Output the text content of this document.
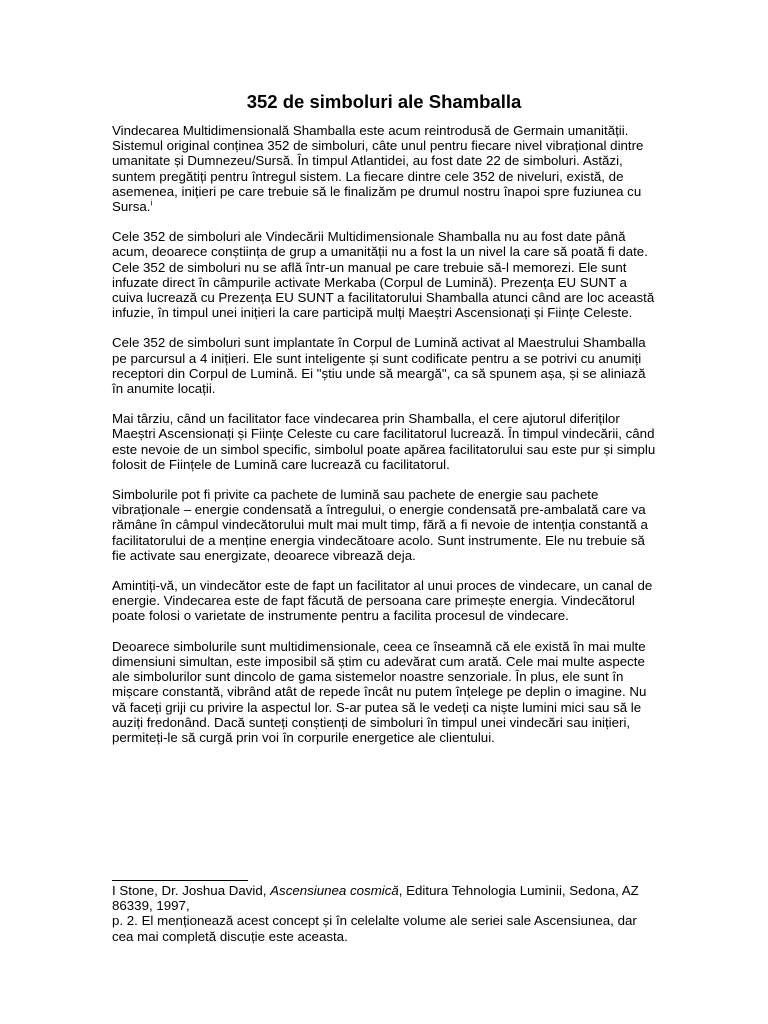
352 de simboluri ale Shamballa

Vindecarea Multidimensională Shamballa este acum reintrodusă de Germain umanității. Sistemul original conținea 352 de simboluri, câte unul pentru fiecare nivel vibrațional dintre umanitate și Dumnezeu/Sursă. În timpul Atlantidei, au fost date 22 de simboluri. Astăzi, suntem pregătiți pentru întregul sistem. La fiecare dintre cele 352 de niveluri, există, de asemenea, inițieri pe care trebuie să le finalizăm pe drumul nostru înapoi spre fuziunea cu Sursa.$^i$

Cele 352 de simboluri ale Vindecării Multidimensionale Shamballa nu au fost date până acum, deoarece conștiința de grup a umanității nu a fost la un nivel la care să poată fi date. Cele 352 de simboluri nu se află într-un manual pe care trebuie să-l memorezi. Ele sunt infuzate direct în câmpurile activate Merkaba (Corpul de Lumină). Prezența EU SUNT a cuiva lucrează cu Prezența EU SUNT a facilitatorului Shamballa atunci când are loc această infuzie, în timpul unei inițieri la care participă mulți Maeștri Ascensionați și Ființe Celeste.

Cele 352 de simboluri sunt implantate în Corpul de Lumină activat al Maestrului Shamballa pe parcursul a 4 inițieri. Ele sunt inteligente și sunt codificate pentru a se potrivi cu anumiți receptori din Corpul de Lumină. Ei "știu unde să meargă", ca să spunem așa, și se aliniază în anumite locații.

Mai târziu, când un facilitator face vindecarea prin Shamballa, el cere ajutorul diferiților Maeștri Ascensionați și Ființe Celeste cu care facilitatorul lucrează. În timpul vindecării, când este nevoie de un simbol specific, simbolul poate apărea facilitatorului sau este pur și simplu folosit de Ființele de Lumină care lucrează cu facilitatorul.

Simbolurile pot fi privite ca pachete de lumină sau pachete de energie sau pachete vibraționale – energie condensată a întregului, o energie condensată pre-ambalată care va rămâne în câmpul vindecătorului mult mai mult timp, fără a fi nevoie de intenția constantă a facilitatorului de a menține energia vindecătoare acolo. Sunt instrumente. Ele nu trebuie să fie activate sau energizate, deoarece vibrează deja.

Amintiți-vă, un vindecător este de fapt un facilitator al unui proces de vindecare, un canal de energie. Vindecarea este de fapt făcută de persoana care primește energia. Vindecătorul poate folosi o varietate de instrumente pentru a facilita procesul de vindecare.

Deoarece simbolurile sunt multidimensionale, ceea ce înseamnă că ele există în mai multe dimensiuni simultan, este imposibil să știm cu adevărat cum arată. Cele mai multe aspecte ale simbolurilor sunt dincolo de gama sistemelor noastre senzoriale. În plus, ele sunt în mișcare constantă, vibrând atât de repede încât nu putem înțelege pe deplin o imagine. Nu vă faceți griji cu privire la aspectul lor. S-ar putea să le vedeți ca niște lumini mici sau să le auziți fredonând. Dacă sunteți conștienți de simboluri în timpul unei vindecări sau inițieri, permiteți-le să curgă prin voi în corpurile energetice ale clientului.

I Stone, Dr. Joshua David, Ascensiunea cosmică, Editura Tehnologia Luminii, Sedona, AZ 86339, 1997,

p. 2. El menționează acest concept și în celelalte volume ale seriei sale Ascensiunea, dar cea mai completă discuție este aceasta.
